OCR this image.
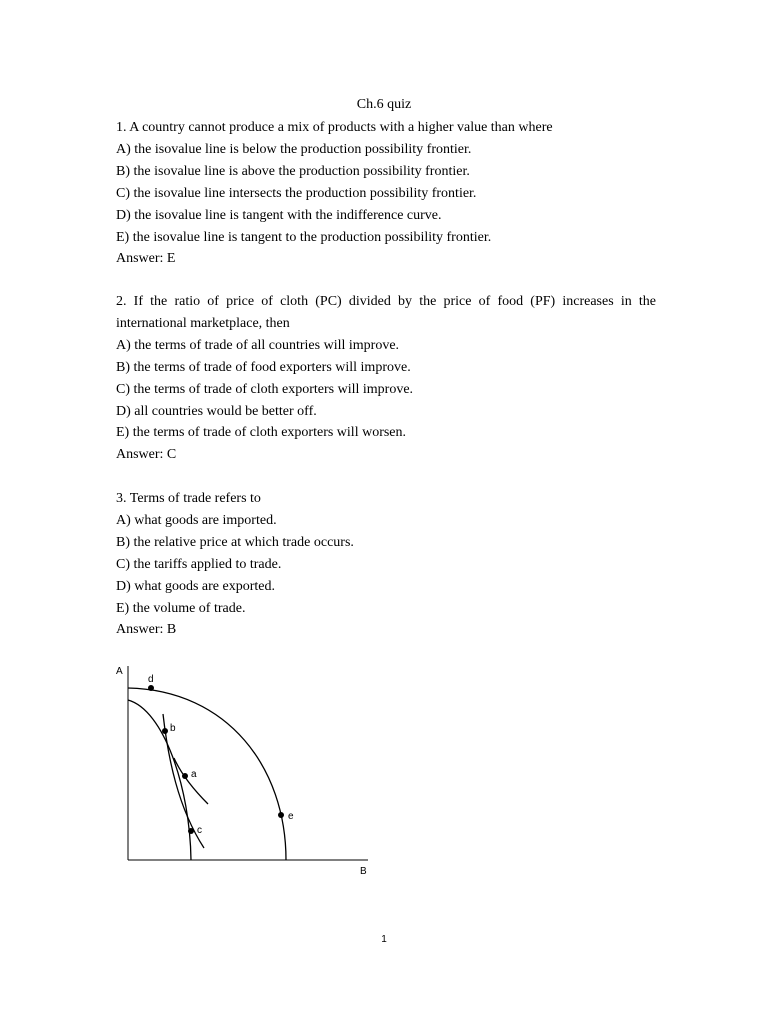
Ch.6 quiz
1. A country cannot produce a mix of products with a higher value than where
A) the isovalue line is below the production possibility frontier.
B) the isovalue line is above the production possibility frontier.
C) the isovalue line intersects the production possibility frontier.
D) the isovalue line is tangent with the indifference curve.
E) the isovalue line is tangent to the production possibility frontier.
Answer: E
2. If the ratio of price of cloth (PC) divided by the price of food (PF) increases in the international marketplace, then
A) the terms of trade of all countries will improve.
B) the terms of trade of food exporters will improve.
C) the terms of trade of cloth exporters will improve.
D) all countries would be better off.
E) the terms of trade of cloth exporters will worsen.
Answer: C
3. Terms of trade refers to
A) what goods are imported.
B) the relative price at which trade occurs.
C) the tariffs applied to trade.
D) what goods are exported.
E) the volume of trade.
Answer: B
A
B
d
b
a
c
e
1
